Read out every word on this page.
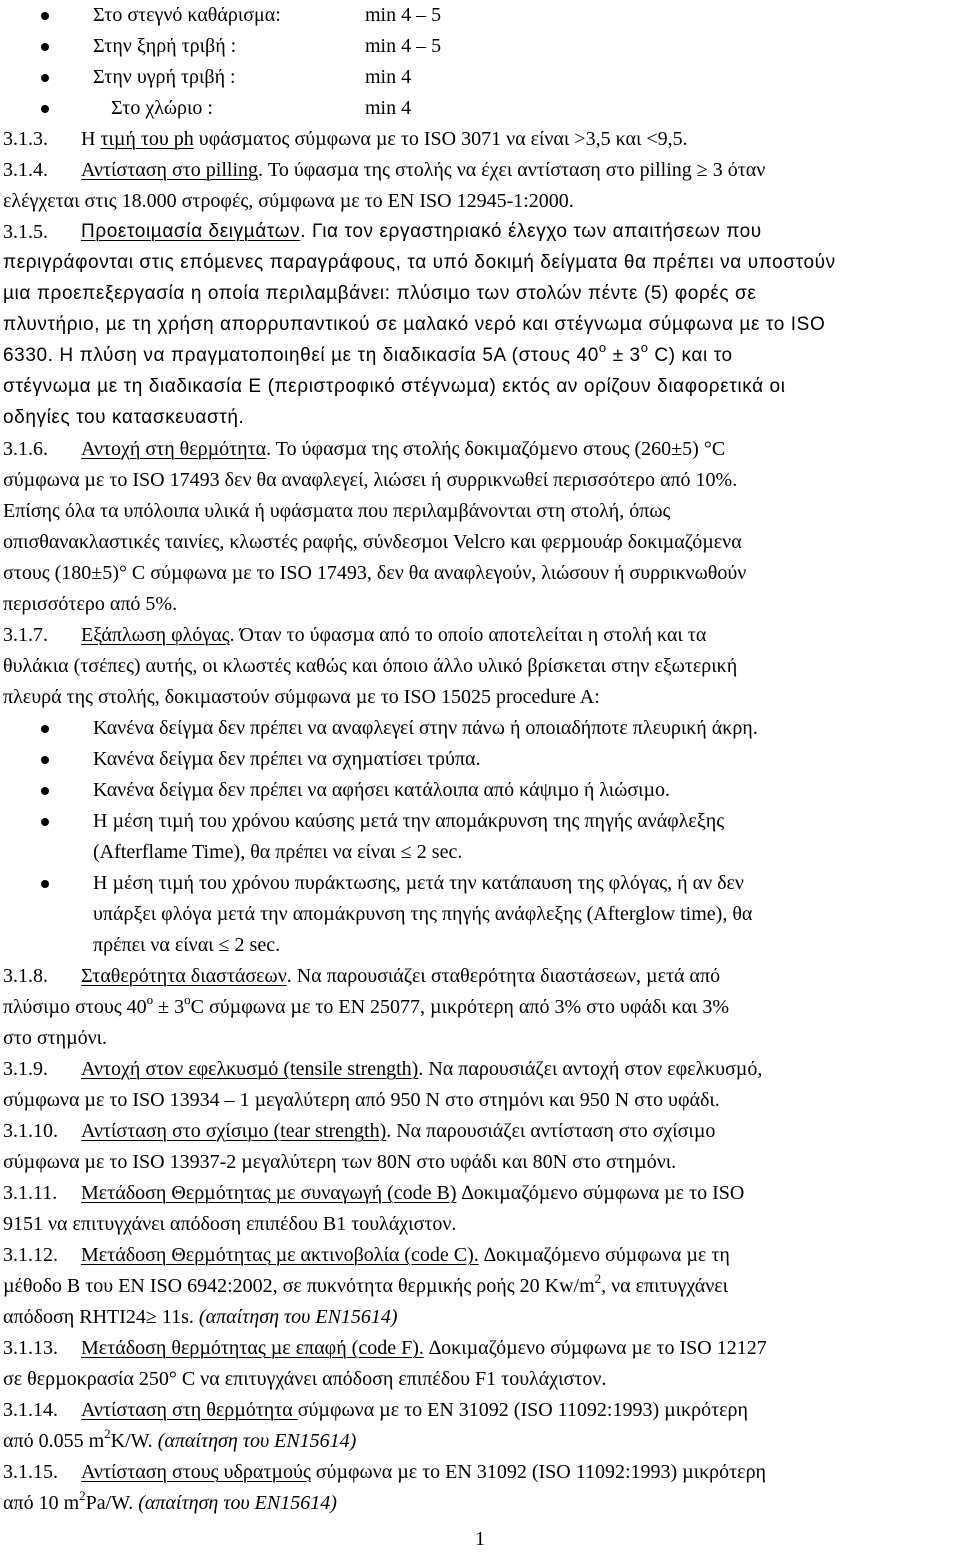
Στο στεγνό καθάρισμα:	min 4 – 5
Στην ξηρή τριβή :	min 4 – 5
Στην υγρή τριβή :	min 4
Στο χλώριο :	min 4
3.1.3. Η τιµή του ph υφάσµατος σύµφωνα µε το ISO 3071 να είναι >3,5 και <9,5.
3.1.4. Αντίσταση στο pilling. Το ύφασµα της στολής να έχει αντίσταση στο pilling ≥ 3 όταν
ελέγχεται στις 18.000 στροφές, σύµφωνα µε το EN ISO 12945-1:2000.
3.1.5. Προετοιµασία δειγµάτων. Για τον εργαστηριακό έλεγχο των απαιτήσεων που
περιγράφονται στις επόµενες παραγράφους, τα υπό δοκιµή δείγµατα θα πρέπει να υποστούν
µια προεπεξεργασία η οποία περιλαµβάνει: πλύσιµο των στολών πέντε (5) φορές σε
πλυντήριο, µε τη χρήση απορρυπαντικού σε µαλακό νερό και στέγνωµα σύµφωνα µε το ISO
6330. Η πλύση να πραγµατοποιηθεί µε τη διαδικασία 5A (στους $40^o \pm 3^o$ C) και το
στέγνωµα µε τη διαδικασία Ε (περιστροφικό στέγνωµα) εκτός αν ορίζουν διαφορετικά οι
οδηγίες του κατασκευαστή.
3.1.6. Αντοχή στη θερµότητα. Το ύφασµα της στολής δοκιµαζόµενο στους (260±5) °C
σύµφωνα µε το ISO 17493 δεν θα αναφλεγεί, λιώσει ή συρρικνωθεί περισσότερο από 10%.
Επίσης όλα τα υπόλοιπα υλικά ή υφάσµατα που περιλαµβάνονται στη στολή, όπως
οπισθανακλαστικές ταινίες, κλωστές ραφής, σύνδεσµοι Velcro και φερµουάρ δοκιµαζόµενα
στους (180±5)° C σύµφωνα µε το ISO 17493, δεν θα αναφλεγούν, λιώσουν ή συρρικνωθούν
περισσότερο από 5%.
3.1.7. Εξάπλωση φλόγας. Όταν το ύφασµα από το οποίο αποτελείται η στολή και τα
θυλάκια (τσέπες) αυτής, οι κλωστές καθώς και όποιο άλλο υλικό βρίσκεται στην εξωτερική
πλευρά της στολής, δοκιµαστούν σύµφωνα µε το ISO 15025 procedure A:
Κανένα δείγµα δεν πρέπει να αναφλεγεί στην πάνω ή οποιαδήποτε πλευρική άκρη.
Κανένα δείγµα δεν πρέπει να σχηµατίσει τρύπα.
Κανένα δείγµα δεν πρέπει να αφήσει κατάλοιπα από κάψιµο ή λιώσιµο.
Η µέση τιµή του χρόνου καύσης µετά την αποµάκρυνση της πηγής ανάφλεξης
(Afterflame Time), θα πρέπει να είναι ≤ 2 sec.
Η µέση τιµή του χρόνου πυράκτωσης, µετά την κατάπαυση της φλόγας, ή αν δεν
υπάρξει φλόγα µετά την αποµάκρυνση της πηγής ανάφλεξης (Afterglow time), θα
πρέπει να είναι ≤ 2 sec.
3.1.8. Σταθερότητα διαστάσεων. Να παρουσιάζει σταθερότητα διαστάσεων, µετά από
πλύσιµο στους $40^o \pm 3^oC$ σύµφωνα µε το EN 25077, µικρότερη από 3% στο υφάδι και 3%
στο στηµόνι.
3.1.9. Αντοχή στον εφελκυσµό (tensile strength). Να παρουσιάζει αντοχή στον εφελκυσµό,
σύµφωνα µε το ISO 13934 – 1 µεγαλύτερη από 950 Ν στο στηµόνι και 950 Ν στο υφάδι.
3.1.10. Αντίσταση στο σχίσιµο (tear strength). Να παρουσιάζει αντίσταση στο σχίσιµο
σύµφωνα µε το ISO 13937-2 µεγαλύτερη των 80Ν στο υφάδι και 80Ν στο στηµόνι.
3.1.11. Μετάδοση Θερµότητας µε συναγωγή (code B) ∆οκιµαζόµενο σύµφωνα µε το ISO
9151 να επιτυγχάνει απόδοση επιπέδου Β1 τουλάχιστον.
3.1.12. Μετάδοση Θερµότητας µε ακτινοβολία (code C). ∆οκιµαζόµενο σύµφωνα µε τη
µέθοδο Β του ΕΝ ISO 6942:2002, σε πυκνότητα θερµικής ροής 20 $Kw/m^2$, να επιτυγχάνει
απόδοση RHTI24≥ 11s. (απαίτηση του ΕΝ15614)
3.1.13. Μετάδοση θερµότητας µε επαφή (code F). ∆οκιµαζόµενο σύµφωνα µε το ISO 12127
σε θερµοκρασία 250° C να επιτυγχάνει απόδοση επιπέδου F1 τουλάχιστον.
3.1.14. Αντίσταση στη θερµότητα σύµφωνα µε το ΕΝ 31092 (ISO 11092:1993) µικρότερη
από 0.055 $m^2K/W$. (απαίτηση του ΕΝ15614)
3.1.15. Αντίσταση στους υδρατµούς σύµφωνα µε το ΕΝ 31092 (ISO 11092:1993) µικρότερη
από 10 $m^2Pa/W$. (απαίτηση του ΕΝ15614)
1
